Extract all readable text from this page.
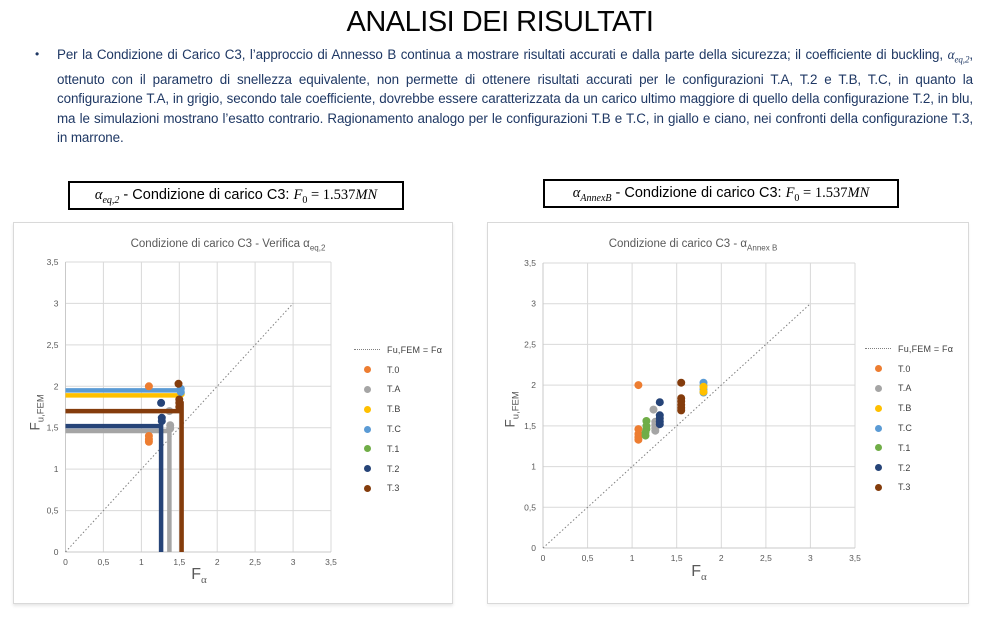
ANALISI DEI RISULTATI
• Per la Condizione di Carico C3, l’approccio di Annesso B continua a mostrare risultati accurati e dalla parte della sicurezza; il coefficiente di buckling, $\alpha_{eq,2}$, ottenuto con il parametro di snellezza equivalente, non permette di ottenere risultati accurati per le configurazioni T.A, T.2 e T.B, T.C, in quanto la configurazione T.A, in grigio, secondo tale coefficiente, dovrebbe essere caratterizzata da un carico ultimo maggiore di quello della configurazione T.2, in blu, ma le simulazioni mostrano l’esatto contrario. Ragionamento analogo per le configurazioni T.B e T.C, in giallo e ciano, nei confronti della configurazione T.3, in marrone.

$\alpha_{eq,2}$ - Condizione di carico C3: $F_0 = 1.537MN$	$\alpha_{AnnexB}$ - Condizione di carico C3: $F_0 = 1.537MN$
0
0
0,5
0,5
1
1
1,5
1,5
2
2
2,5
2,5
3
3
3,5
3,5
Condizione di carico C3 - Verifica $\alpha_{eq,2}$
$F_{u,FEM}$
$F_\alpha$
Fu,FEM = Fα
T.0
T.A
T.B
T.C
T.1
T.2
T.3
0
0
0,5
0,5
1
1
1,5
1,5
2
2
2,5
2,5
3
3
3,5
3,5
Condizione di carico $C3 - \alpha_{Annex B}$
$F_{u,FEM}$
$F_\alpha$
Fu,FEM = Fα
T.0
T.A
T.B
T.C
T.1
T.2
T.3
